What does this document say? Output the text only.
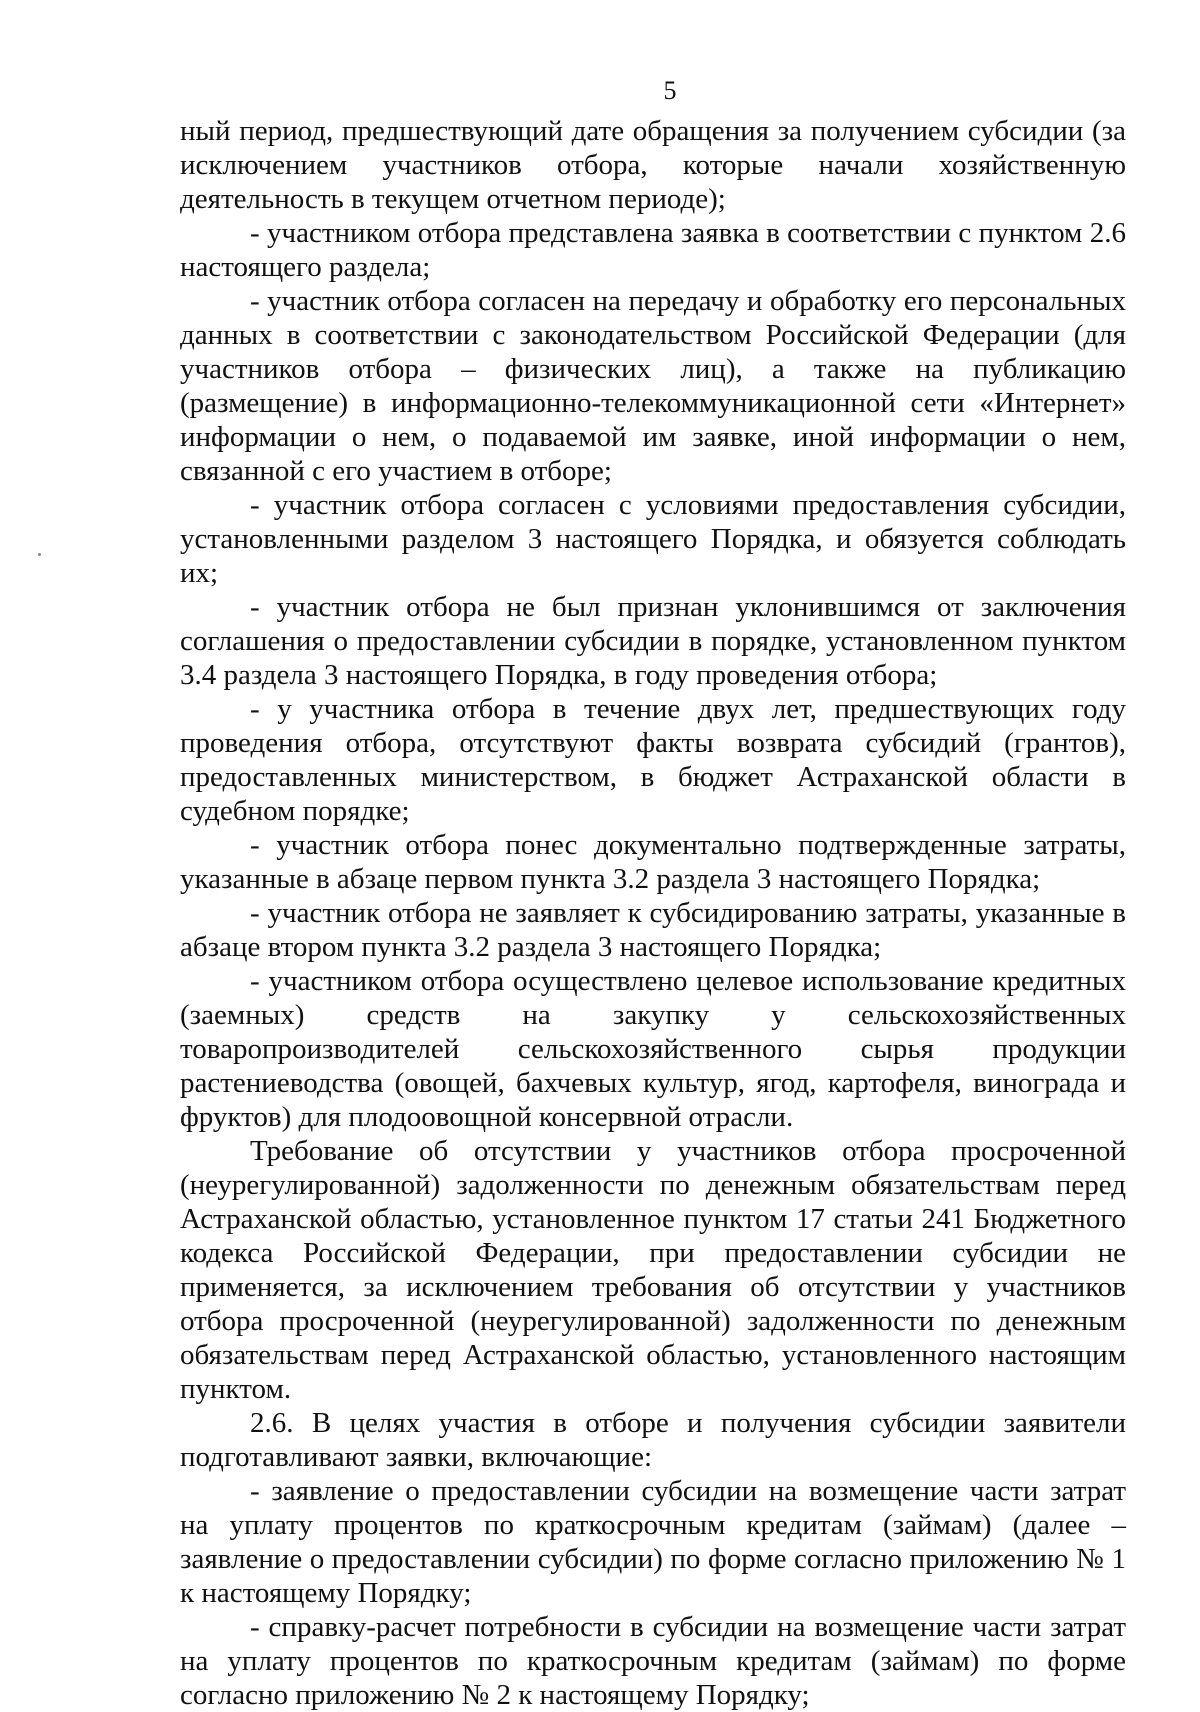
5

ный период, предшествующий дате обращения за получением субсидии (за исключением участников отбора, которые начали хозяйственную деятельность в текущем отчетном периоде);

- участником отбора представлена заявка в соответствии с пунктом 2.6 настоящего раздела;

- участник отбора согласен на передачу и обработку его персональных данных в соответствии с законодательством Российской Федерации (для участников отбора – физических лиц), а также на публикацию (размещение) в информационно-телекоммуникационной сети «Интернет» информации о нем, о подаваемой им заявке, иной информации о нем, связанной с его участием в отборе;

- участник отбора согласен с условиями предоставления субсидии, установленными разделом 3 настоящего Порядка, и обязуется соблюдать их;

- участник отбора не был признан уклонившимся от заключения соглашения о предоставлении субсидии в порядке, установленном пунктом 3.4 раздела 3 настоящего Порядка, в году проведения отбора;

- у участника отбора в течение двух лет, предшествующих году проведения отбора, отсутствуют факты возврата субсидий (грантов), предоставленных министерством, в бюджет Астраханской области в судебном порядке;

- участник отбора понес документально подтвержденные затраты, указанные в абзаце первом пункта 3.2 раздела 3 настоящего Порядка;

- участник отбора не заявляет к субсидированию затраты, указанные в абзаце втором пункта 3.2 раздела 3 настоящего Порядка;

- участником отбора осуществлено целевое использование кредитных (заемных) средств на закупку у сельскохозяйственных товаропроизводителей сельскохозяйственного сырья продукции растениеводства (овощей, бахчевых культур, ягод, картофеля, винограда и фруктов) для плодоовощной консервной отрасли.

Требование об отсутствии у участников отбора просроченной (неурегулированной) задолженности по денежным обязательствам перед Астраханской областью, установленное пунктом 17 статьи 241 Бюджетного кодекса Российской Федерации, при предоставлении субсидии не применяется, за исключением требования об отсутствии у участников отбора просроченной (неурегулированной) задолженности по денежным обязательствам перед Астраханской областью, установленного настоящим пунктом.

2.6. В целях участия в отборе и получения субсидии заявители подготавливают заявки, включающие:

- заявление о предоставлении субсидии на возмещение части затрат на уплату процентов по краткосрочным кредитам (займам) (далее – заявление о предоставлении субсидии) по форме согласно приложению № 1 к настоящему Порядку;

- справку-расчет потребности в субсидии на возмещение части затрат на уплату процентов по краткосрочным кредитам (займам) по форме согласно приложению № 2 к настоящему Порядку;
